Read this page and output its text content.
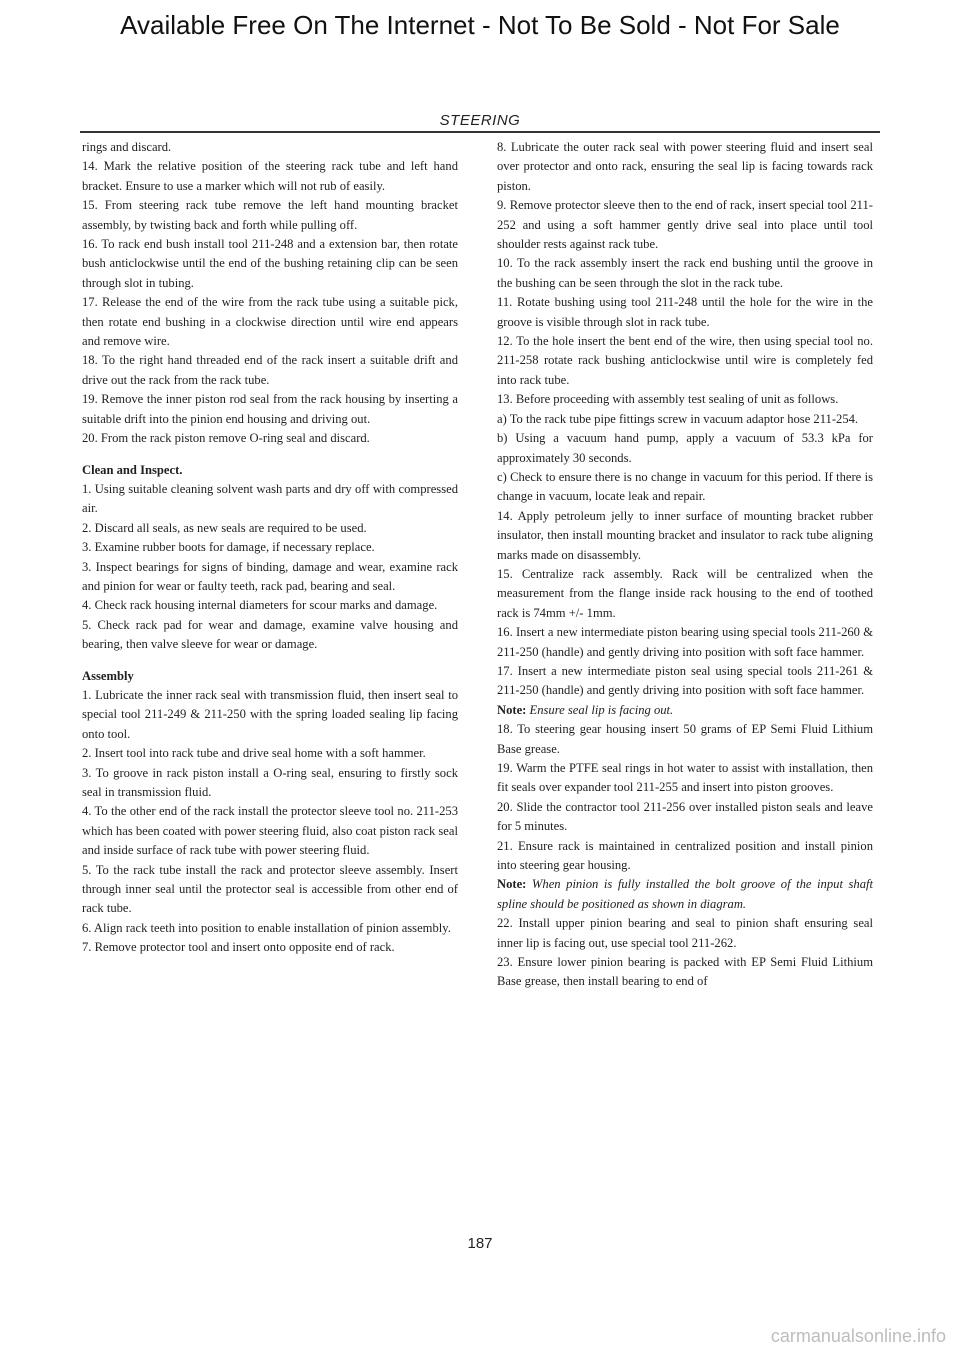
Available Free On The Internet - Not To Be Sold - Not For Sale
STEERING

rings and discard.

14. Mark the relative position of the steering rack tube and left hand bracket. Ensure to use a marker which will not rub of easily.

15. From steering rack tube remove the left hand mounting bracket assembly, by twisting back and forth while pulling off.

16. To rack end bush install tool 211-248 and a extension bar, then rotate bush anticlockwise until the end of the bushing retaining clip can be seen through slot in tubing.

17. Release the end of the wire from the rack tube using a suitable pick, then rotate end bushing in a clockwise direction until wire end appears and remove wire.

18. To the right hand threaded end of the rack insert a suitable drift and drive out the rack from the rack tube.

19. Remove the inner piston rod seal from the rack housing by inserting a suitable drift into the pinion end housing and driving out.

20. From the rack piston remove O-ring seal and discard.

Clean and Inspect.

1. Using suitable cleaning solvent wash parts and dry off with compressed air.

2. Discard all seals, as new seals are required to be used.

3. Examine rubber boots for damage, if necessary replace.

3. Inspect bearings for signs of binding, damage and wear, examine rack and pinion for wear or faulty teeth, rack pad, bearing and seal.

4. Check rack housing internal diameters for scour marks and damage.

5. Check rack pad for wear and damage, examine valve housing and bearing, then valve sleeve for wear or damage.

Assembly

1. Lubricate the inner rack seal with transmission fluid, then insert seal to special tool 211-249 & 211-250 with the spring loaded sealing lip facing onto tool.

2. Insert tool into rack tube and drive seal home with a soft hammer.

3. To groove in rack piston install a O-ring seal, ensuring to firstly sock seal in transmission fluid.

4. To the other end of the rack install the protector sleeve tool no. 211-253 which has been coated with power steering fluid, also coat piston rack seal and inside surface of rack tube with power steering fluid.

5. To the rack tube install the rack and protector sleeve assembly. Insert through inner seal until the protector seal is accessible from other end of rack tube.

6. Align rack teeth into position to enable installation of pinion assembly.

7. Remove protector tool and insert onto opposite end of rack.

8. Lubricate the outer rack seal with power steering fluid and insert seal over protector and onto rack, ensuring the seal lip is facing towards rack piston.

9. Remove protector sleeve then to the end of rack, insert special tool 211-252 and using a soft hammer gently drive seal into place until tool shoulder rests against rack tube.

10. To the rack assembly insert the rack end bushing until the groove in the bushing can be seen through the slot in the rack tube.

11. Rotate bushing using tool 211-248 until the hole for the wire in the groove is visible through slot in rack tube.

12. To the hole insert the bent end of the wire, then using special tool no. 211-258 rotate rack bushing anticlockwise until wire is completely fed into rack tube.

13. Before proceeding with assembly test sealing of unit as follows.

a) To the rack tube pipe fittings screw in vacuum adaptor hose 211-254.

b) Using a vacuum hand pump, apply a vacuum of 53.3 kPa for approximately 30 seconds.

c) Check to ensure there is no change in vacuum for this period. If there is change in vacuum, locate leak and repair.

14. Apply petroleum jelly to inner surface of mounting bracket rubber insulator, then install mounting bracket and insulator to rack tube aligning marks made on disassembly.

15. Centralize rack assembly. Rack will be centralized when the measurement from the flange inside rack housing to the end of toothed rack is 74mm +/- 1mm.

16. Insert a new intermediate piston bearing using special tools 211-260 & 211-250 (handle) and gently driving into position with soft face hammer.

17. Insert a new intermediate piston seal using special tools 211-261 & 211-250 (handle) and gently driving into position with soft face hammer.

Note: Ensure seal lip is facing out.

18. To steering gear housing insert 50 grams of EP Semi Fluid Lithium Base grease.

19. Warm the PTFE seal rings in hot water to assist with installation, then fit seals over expander tool 211-255 and insert into piston grooves.

20. Slide the contractor tool 211-256 over installed piston seals and leave for 5 minutes.

21. Ensure rack is maintained in centralized position and install pinion into steering gear housing.

Note: When pinion is fully installed the bolt groove of the input shaft spline should be positioned as shown in diagram.

22. Install upper pinion bearing and seal to pinion shaft ensuring seal inner lip is facing out, use special tool 211-262.

23. Ensure lower pinion bearing is packed with EP Semi Fluid Lithium Base grease, then install bearing to end of

187
carmanualsonline.info
